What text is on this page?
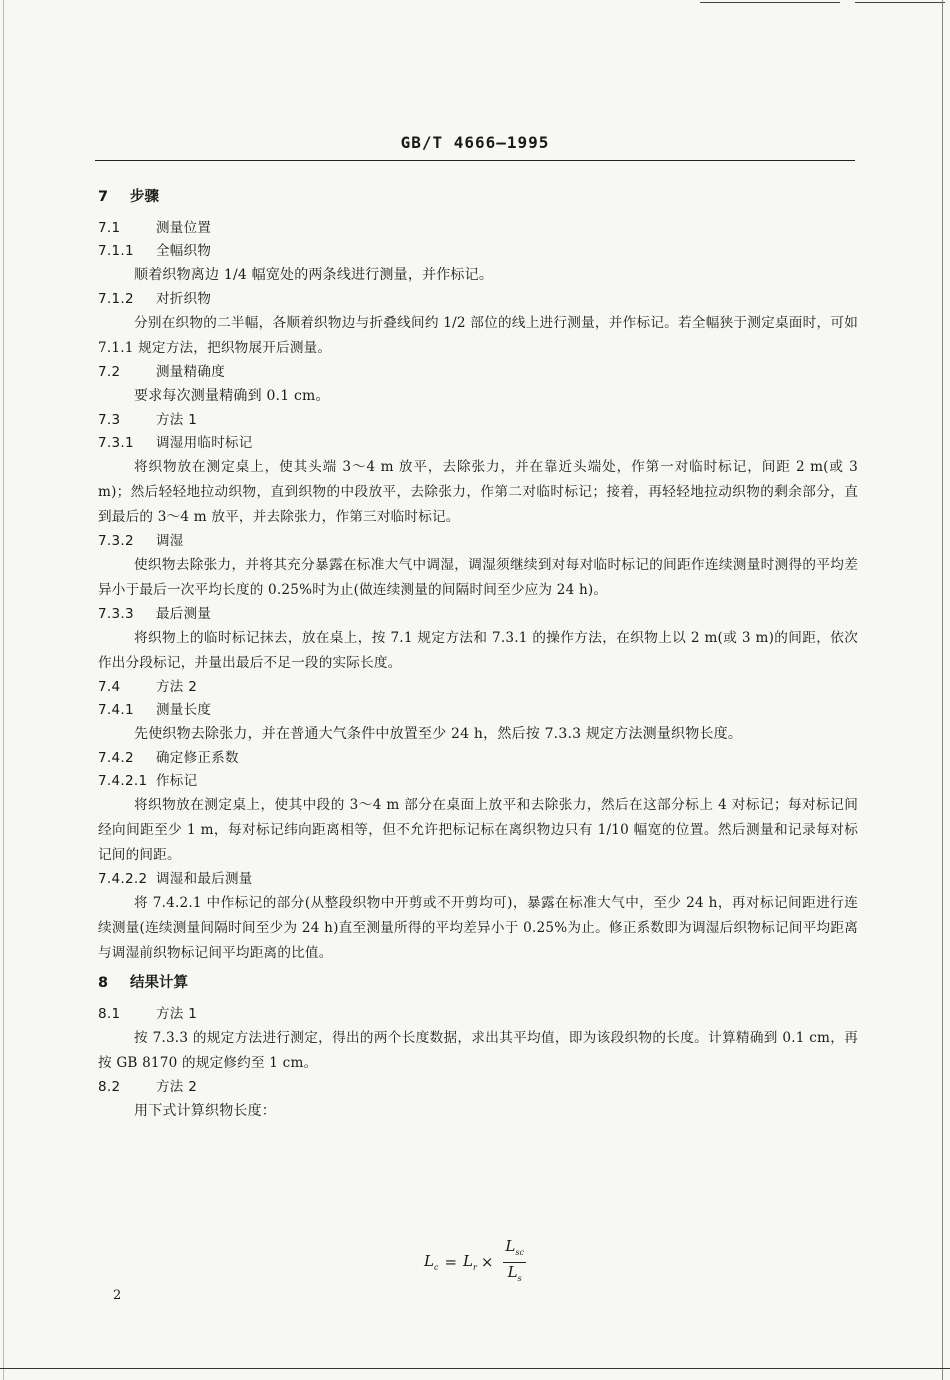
GB/T 4666—1995
7 步骤
7.1	测量位置
7.1.1 全幅织物
顺着织物离边 1/4 幅宽处的两条线进行测量，并作标记。
7.1.2 对折织物
分别在织物的二半幅，各顺着织物边与折叠线间约 1/2 部位的线上进行测量，并作标记。若全幅狭于测定桌面时，可如 7.1.1 规定方法，把织物展开后测量。
7.2	测量精确度
要求每次测量精确到 0.1 cm。
7.3	方法 1
7.3.1 调湿用临时标记
将织物放在测定桌上，使其头端 3～4 m 放平，去除张力，并在靠近头端处，作第一对临时标记，间距 2 m(或 3 m)；然后轻轻地拉动织物，直到织物的中段放平，去除张力，作第二对临时标记；接着，再轻轻地拉动织物的剩余部分，直到最后的 3～4 m 放平，并去除张力，作第三对临时标记。
7.3.2 调湿
使织物去除张力，并将其充分暴露在标准大气中调湿，调湿须继续到对每对临时标记的间距作连续测量时测得的平均差异小于最后一次平均长度的 0.25%时为止(做连续测量的间隔时间至少应为 24 h)。
7.3.3 最后测量
将织物上的临时标记抹去，放在桌上，按 7.1 规定方法和 7.3.1 的操作方法，在织物上以 2 m(或 3 m)的间距，依次作出分段标记，并量出最后不足一段的实际长度。
7.4	方法 2
7.4.1 测量长度
先使织物去除张力，并在普通大气条件中放置至少 24 h，然后按 7.3.3 规定方法测量织物长度。
7.4.2 确定修正系数
7.4.2.1 作标记
将织物放在测定桌上，使其中段的 3～4 m 部分在桌面上放平和去除张力，然后在这部分标上 4 对标记；每对标记间经向间距至少 1 m，每对标记纬向距离相等，但不允许把标记标在离织物边只有 1/10 幅宽的位置。然后测量和记录每对标记间的间距。
7.4.2.2 调湿和最后测量
将 7.4.2.1 中作标记的部分(从整段织物中开剪或不开剪均可)，暴露在标准大气中，至少 24 h，再对标记间距进行连续测量(连续测量间隔时间至少为 24 h)直至测量所得的平均差异小于 0.25%为止。修正系数即为调湿后织物标记间平均距离与调湿前织物标记间平均距离的比值。
8 结果计算
8.1	方法 1
按 7.3.3 的规定方法进行测定，得出的两个长度数据，求出其平均值，即为该段织物的长度。计算精确到 0.1 cm，再按 GB 8170 的规定修约至 1 cm。
8.2	方法 2
用下式计算织物长度：
$L_c = L_r \times \frac{L_{sc}}{L_s}$
2
